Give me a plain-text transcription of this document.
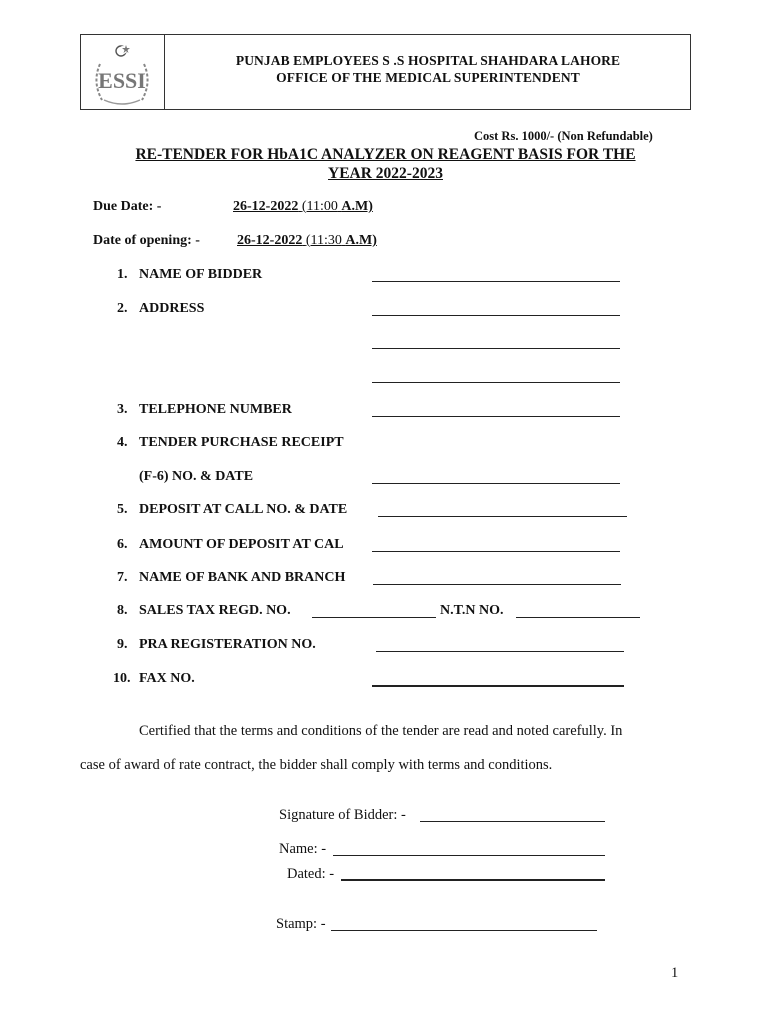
ESSI
PUNJAB EMPLOYEES S .S HOSPITAL SHAHDARA LAHORE
OFFICE OF THE MEDICAL SUPERINTENDENT
Cost Rs. 1000/- (Non Refundable)
RE-TENDER FOR HbA1C ANALYZER ON REAGENT BASIS FOR THE
YEAR 2022-2023
Due Date: -	26-12-2022 (11:00 A.M)
Date of opening: -	26-12-2022 (11:30 A.M)
1. NAME OF BIDDER
2. ADDRESS
3. TELEPHONE NUMBER
4. TENDER PURCHASE RECEIPT
(F-6) NO. & DATE
5. DEPOSIT AT CALL NO. & DATE
6. AMOUNT OF DEPOSIT AT CAL
7. NAME OF BANK AND BRANCH
8. SALES TAX REGD. NO.	N.T.N NO.
9. PRA REGISTERATION NO.
10. FAX NO.
Certified that the terms and conditions of the tender are read and noted carefully. In
case of award of rate contract, the bidder shall comply with terms and conditions.
Signature of Bidder: -
Name: -
Dated: -
Stamp: -
1
